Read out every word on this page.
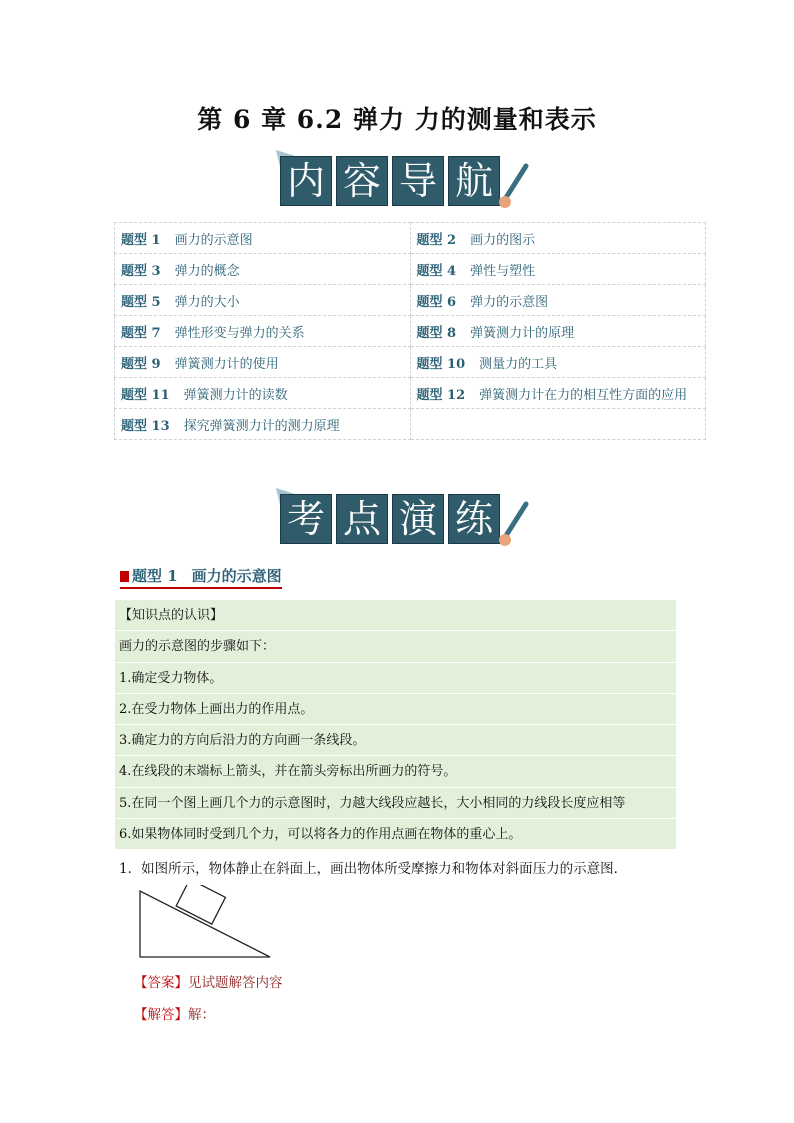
第 6 章 6.2 弹力 力的测量和表示
内 容 导 航
题型 1 画力的示意图	题型 2 画力的图示
题型 3 弹力的概念	题型 4 弹性与塑性
题型 5 弹力的大小	题型 6 弹力的示意图
题型 7 弹性形变与弹力的关系	题型 8 弹簧测力计的原理
题型 9 弹簧测力计的使用	题型 10 测量力的工具
题型 11 弹簧测力计的读数	题型 12 弹簧测力计在力的相互性方面的应用
题型 13 探究弹簧测力计的测力原理	
考 点 演 练
题型 1 画力的示意图
【知识点的认识】
画力的示意图的步骤如下：
1.确定受力物体。
2.在受力物体上画出力的作用点。
3.确定力的方向后沿力的方向画一条线段。
4.在线段的末端标上箭头，并在箭头旁标出所画力的符号。
5.在同一个图上画几个力的示意图时，力越大线段应越长，大小相同的力线段长度应相等
6.如果物体同时受到几个力，可以将各力的作用点画在物体的重心上。
1．如图所示，物体静止在斜面上，画出物体所受摩擦力和物体对斜面压力的示意图．
【答案】见试题解答内容
【解答】解：
